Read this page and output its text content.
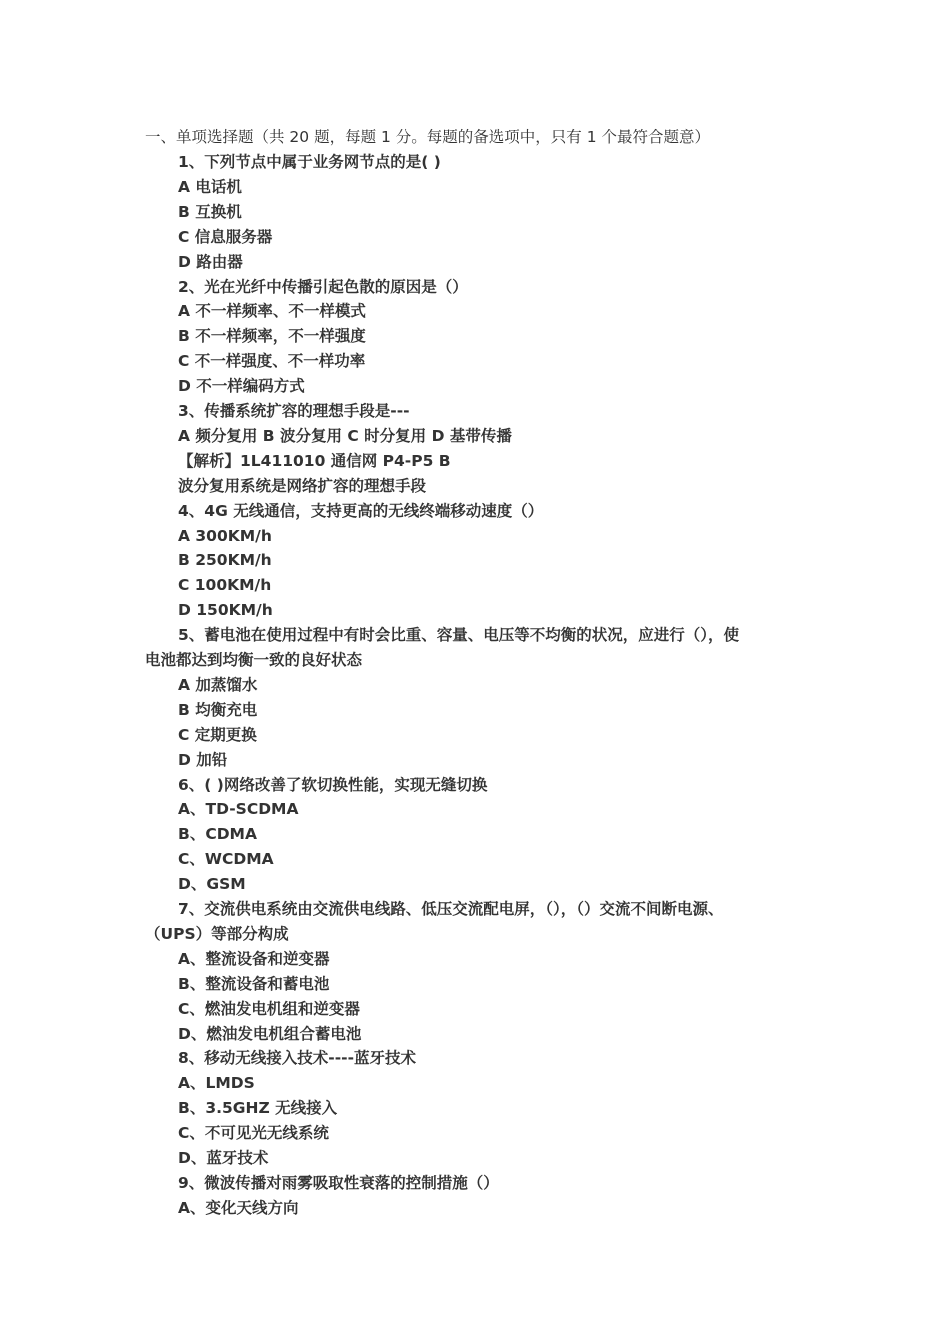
一、单项选择题（共 20 题，每题 1 分。每题的备选项中，只有 1 个最符合题意）
1、下列节点中属于业务网节点的是( )
A 电话机
B 互换机
C 信息服务器
D 路由器
2、光在光纤中传播引起色散的原因是（）
A 不一样频率、不一样模式
B 不一样频率，不一样强度
C 不一样强度、不一样功率
D 不一样编码方式
3、传播系统扩容的理想手段是---
A 频分复用 B 波分复用 C 时分复用 D 基带传播
【解析】1L411010 通信网 P4-P5 B
波分复用系统是网络扩容的理想手段
4、4G 无线通信，支持更高的无线终端移动速度（）
A 300KM/h
B 250KM/h
C 100KM/h
D 150KM/h
5、蓄电池在使用过程中有时会比重、容量、电压等不均衡的状况，应进行（），使
电池都达到均衡一致的良好状态
A 加蒸馏水
B 均衡充电
C 定期更换
D 加铅
6、( )网络改善了软切换性能，实现无缝切换
A、TD-SCDMA
B、CDMA
C、WCDMA
D、GSM
7、交流供电系统由交流供电线路、低压交流配电屏，（），（）交流不间断电源、
（UPS）等部分构成
A、整流设备和逆变器
B、整流设备和蓄电池
C、燃油发电机组和逆变器
D、燃油发电机组合蓄电池
8、移动无线接入技术----蓝牙技术
A、LMDS
B、3.5GHZ 无线接入
C、不可见光无线系统
D、蓝牙技术
9、微波传播对雨雾吸取性衰落的控制措施（）
A、变化天线方向
